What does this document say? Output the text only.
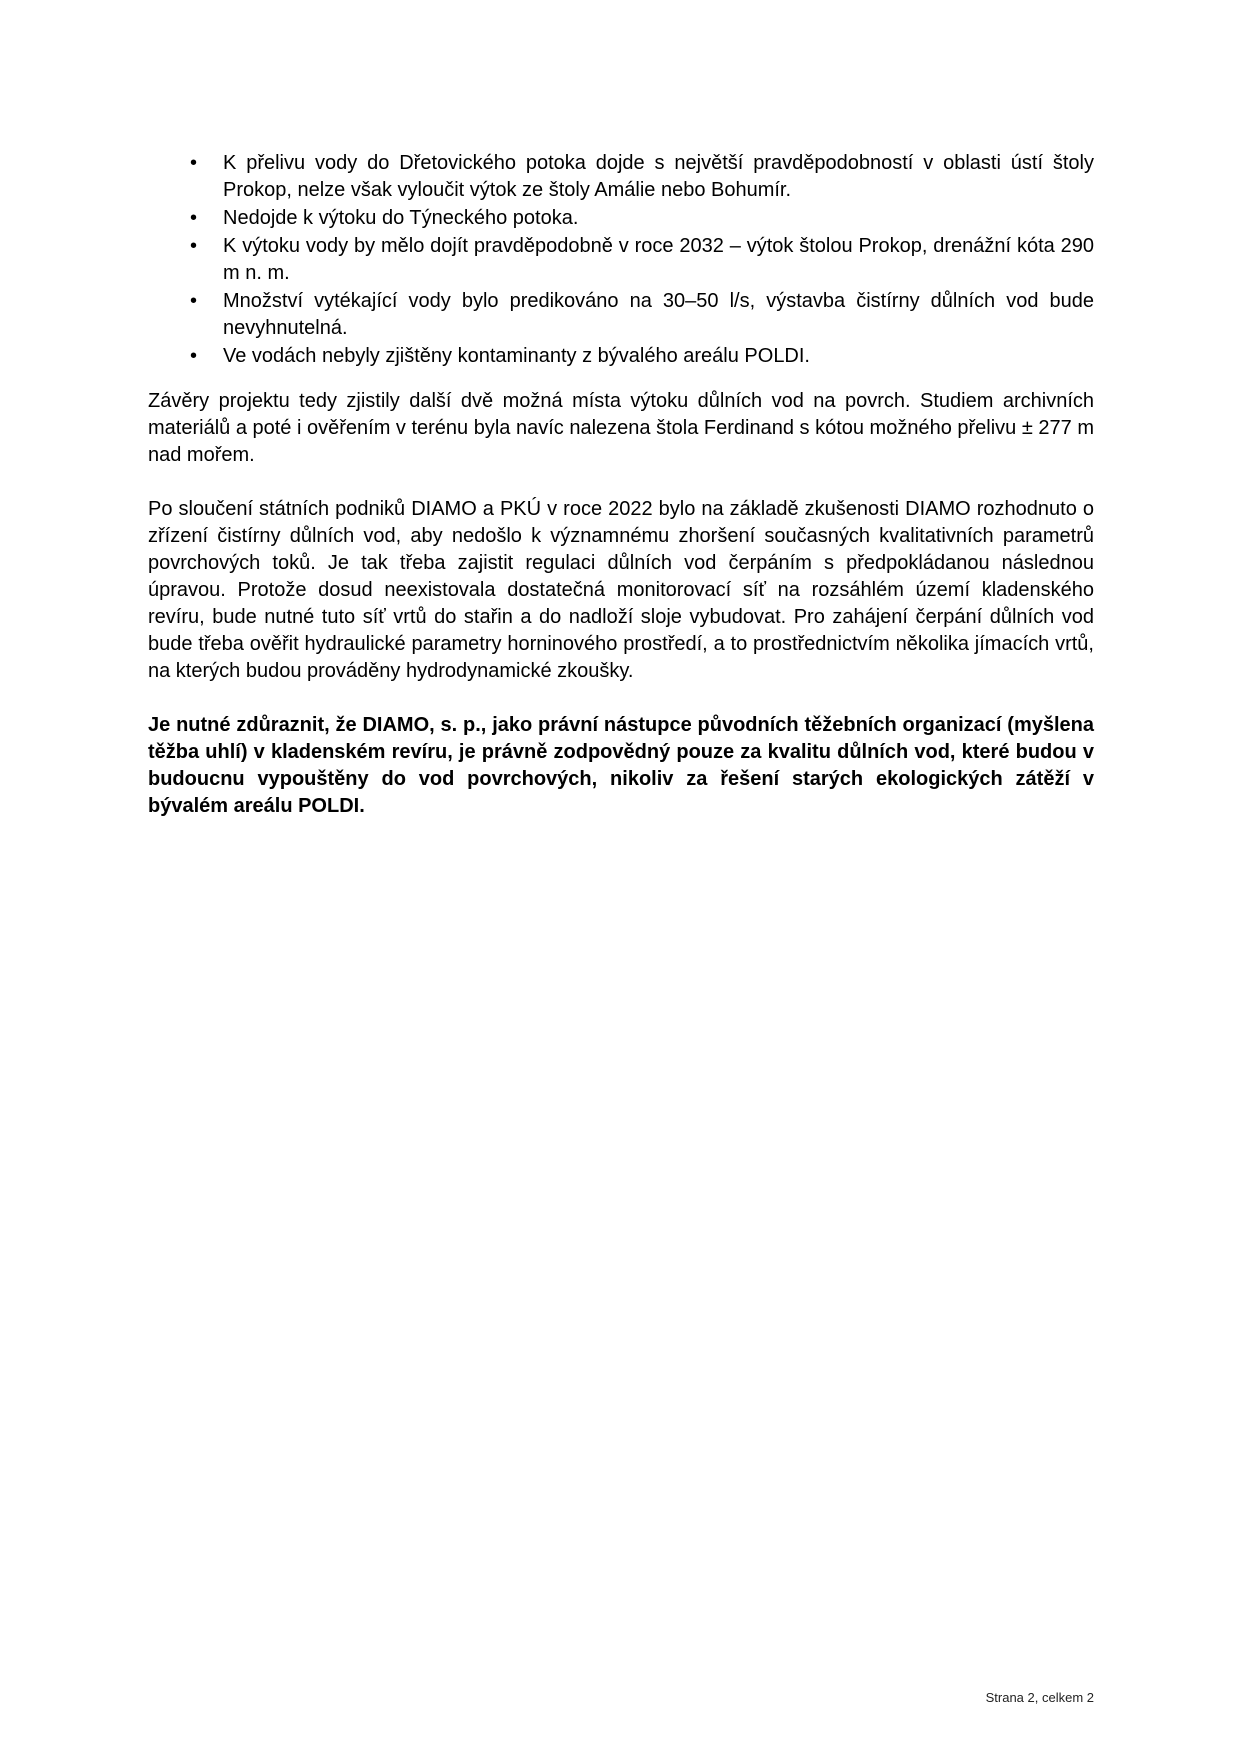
• K přelivu vody do Dřetovického potoka dojde s největší pravděpodobností v oblasti ústí štoly Prokop, nelze však vyloučit výtok ze štoly Amálie nebo Bohumír.
• Nedojde k výtoku do Týneckého potoka.
• K výtoku vody by mělo dojít pravděpodobně v roce 2032 – výtok štolou Prokop, drenážní kóta 290 m n. m.
• Množství vytékající vody bylo predikováno na 30–50 l/s, výstavba čistírny důlních vod bude nevyhnutelná.
• Ve vodách nebyly zjištěny kontaminanty z bývalého areálu POLDI.

Závěry projektu tedy zjistily další dvě možná místa výtoku důlních vod na povrch. Studiem archivních materiálů a poté i ověřením v terénu byla navíc nalezena štola Ferdinand s kótou možného přelivu ± 277 m nad mořem.

Po sloučení státních podniků DIAMO a PKÚ v roce 2022 bylo na základě zkušenosti DIAMO rozhodnuto o zřízení čistírny důlních vod, aby nedošlo k významnému zhoršení současných kvalitativních parametrů povrchových toků. Je tak třeba zajistit regulaci důlních vod čerpáním s předpokládanou následnou úpravou. Protože dosud neexistovala dostatečná monitorovací síť na rozsáhlém území kladenského revíru, bude nutné tuto síť vrtů do stařin a do nadloží sloje vybudovat. Pro zahájení čerpání důlních vod bude třeba ověřit hydraulické parametry horninového prostředí, a to prostřednictvím několika jímacích vrtů, na kterých budou prováděny hydrodynamické zkoušky.

Je nutné zdůraznit, že DIAMO, s. p., jako právní nástupce původních těžebních organizací (myšlena těžba uhlí) v kladenském revíru, je právně zodpovědný pouze za kvalitu důlních vod, které budou v budoucnu vypouštěny do vod povrchových, nikoliv za řešení starých ekologických zátěží v bývalém areálu POLDI.

Strana 2, celkem 2
